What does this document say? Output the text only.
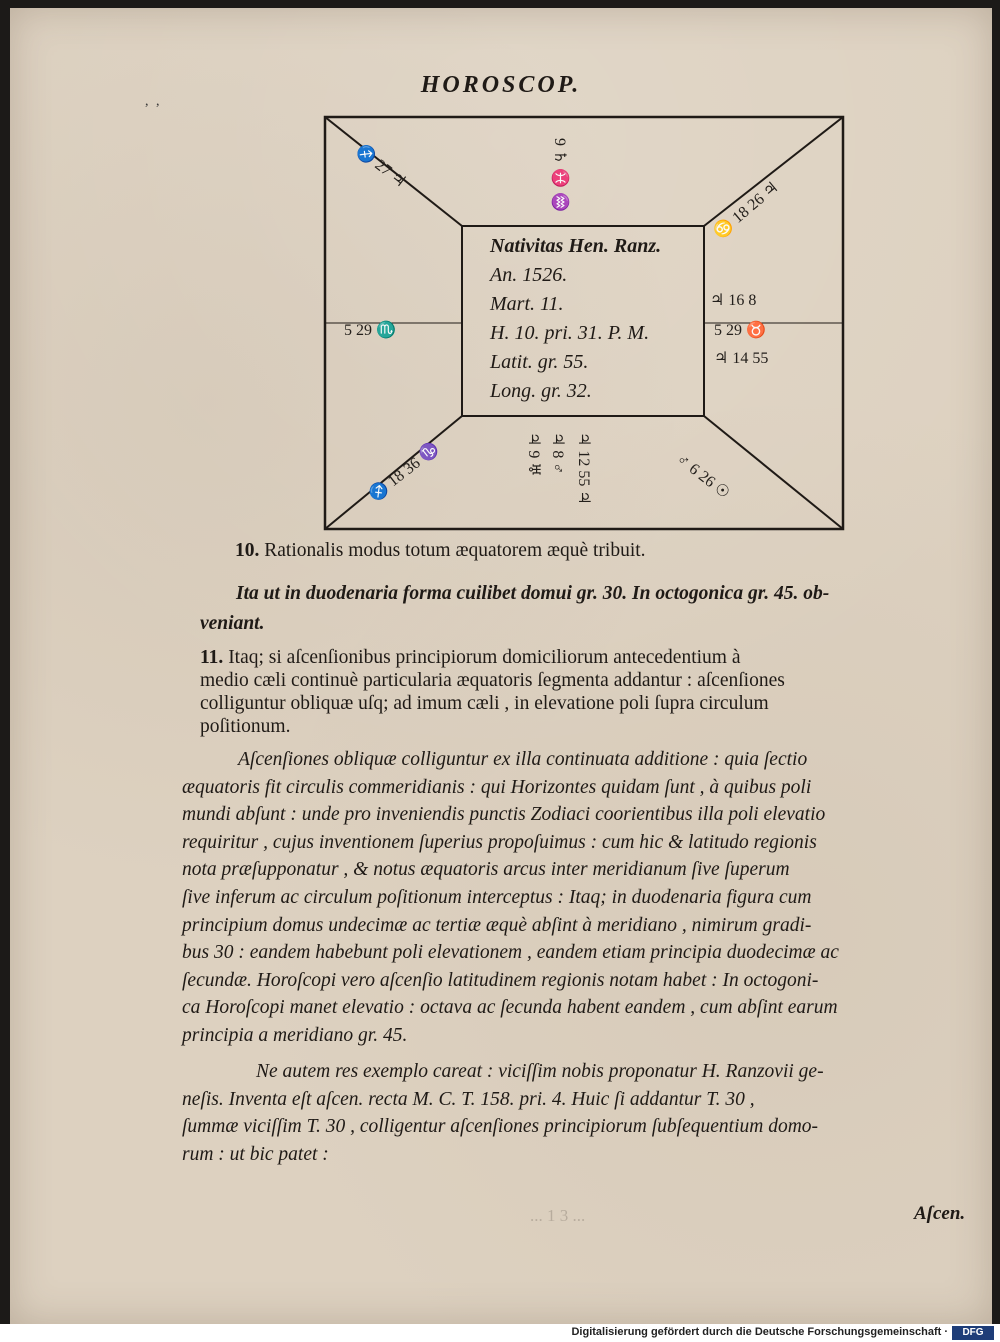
, ,
HOROSCOP.
Nativitas Hen. Ranz.
An. 1526.
Mart. 11.
H. 10. pri. 31. P. M.
Latit. gr. 55.
Long. gr. 32.
9 ♄ ♓ ♒	♋ 18 26 ♃
♃ 16 8
5 29 ♉
♃ 14 55
5 29 ♏
♐ 27 ♃
♐ 18 36 ♑	♃ 9 ♅ ♃ 8 ♂ ♃ 12 55 ♃	♂ 6 26 ☉
10. Rationalis modus totum æquatorem æquè tribuit.

Ita ut in duodenaria forma cuilibet domui gr. 30. In octogonica gr. 45. ob-

veniant.

11. Itaq; si aſcenſionibus principiorum domiciliorum antecedentium à

medio cæli continuè particularia æquatoris ſegmenta addantur : aſcenſiones

colliguntur obliquæ uſq; ad imum cæli , in elevatione poli ſupra circulum

poſitionum.

Aſcenſiones obliquæ colliguntur ex illa continuata additione : quia ſectio

æquatoris fit circulis commeridianis : qui Horizontes quidam ſunt , à quibus poli

mundi abſunt : unde pro inveniendis punctis Zodiaci coorientibus illa poli elevatio

requiritur , cujus inventionem ſuperius propoſuimus : cum hic & latitudo regionis

nota præſupponatur , & notus æquatoris arcus inter meridianum ſive ſuperum

ſive inferum ac circulum poſitionum interceptus : Itaq; in duodenaria figura cum

principium domus undecimæ ac tertiæ æquè abſint à meridiano , nimirum gradi-

bus 30 : eandem habebunt poli elevationem , eandem etiam principia duodecimæ ac

ſecundæ. Horoſcopi vero aſcenſio latitudinem regionis notam habet : In octogoni-

ca Horoſcopi manet elevatio : octava ac ſecunda habent eandem , cum abſint earum

principia a meridiano gr. 45.

Ne autem res exemplo careat : viciſſim nobis proponatur H. Ranzovii ge-

neſis. Inventa eſt aſcen. recta M. C. T. 158. pri. 4. Huic ſi addantur T. 30 ,

ſummæ viciſſim T. 30 , colligentur aſcenſiones principiorum ſubſequentium domo-

rum : ut bic patet :

... 1 3 ...	Aſcen.
Digitalisierung gefördert durch die Deutsche Forschungsgemeinschaft ·	DFG
